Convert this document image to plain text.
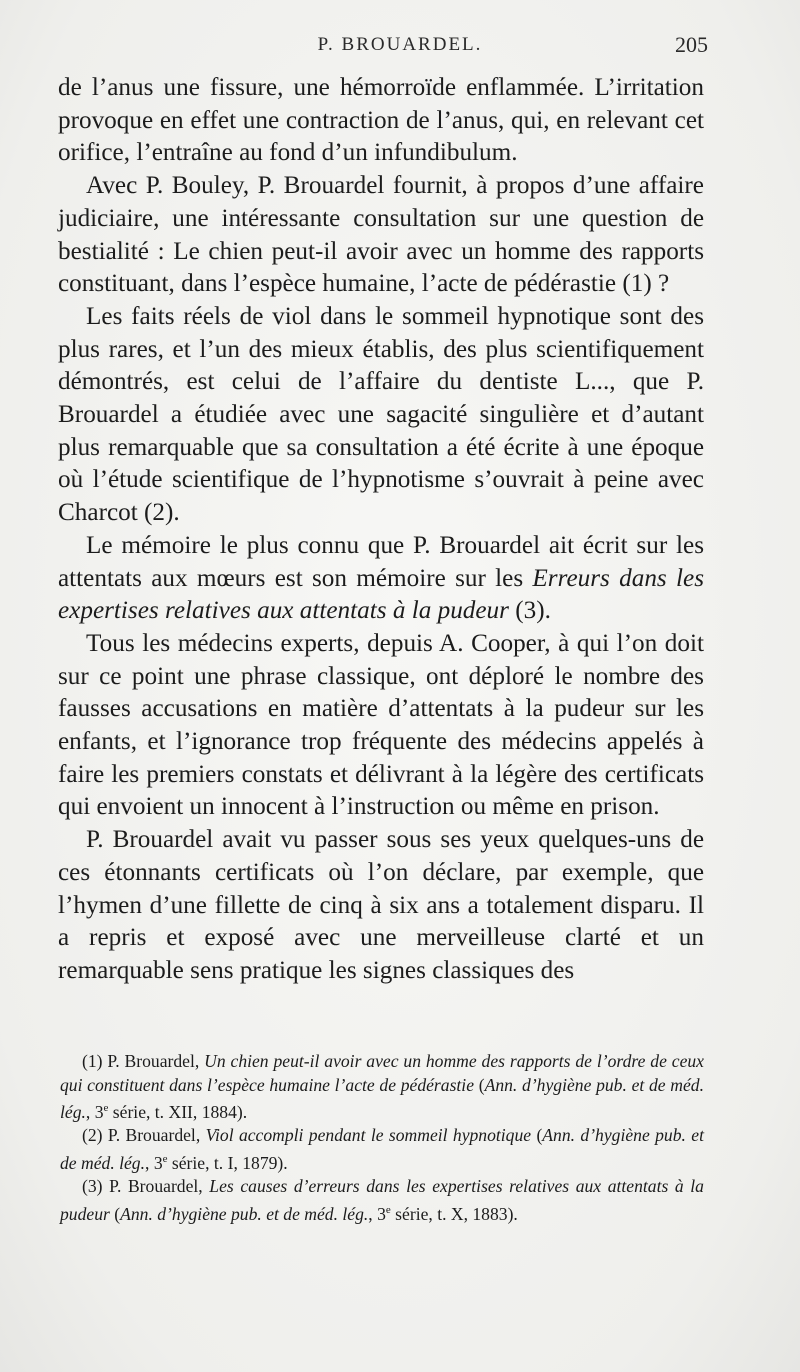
P. BROUARDEL.	205

de l’anus une fissure, une hémorroïde enflammée. L’irritation provoque en effet une contraction de l’anus, qui, en relevant cet orifice, l’entraîne au fond d’un infundibulum.

Avec P. Bouley, P. Brouardel fournit, à propos d’une affaire judiciaire, une intéressante consultation sur une question de bestialité : Le chien peut-il avoir avec un homme des rapports constituant, dans l’espèce humaine, l’acte de pédérastie (1) ?

Les faits réels de viol dans le sommeil hypnotique sont des plus rares, et l’un des mieux établis, des plus scientifiquement démontrés, est celui de l’affaire du dentiste L..., que P. Brouardel a étudiée avec une sagacité singulière et d’autant plus remarquable que sa consultation a été écrite à une époque où l’étude scientifique de l’hypnotisme s’ouvrait à peine avec Charcot (2).

Le mémoire le plus connu que P. Brouardel ait écrit sur les attentats aux mœurs est son mémoire sur les Erreurs dans les expertises relatives aux attentats à la pudeur (3).

Tous les médecins experts, depuis A. Cooper, à qui l’on doit sur ce point une phrase classique, ont déploré le nombre des fausses accusations en matière d’attentats à la pudeur sur les enfants, et l’ignorance trop fréquente des médecins appelés à faire les premiers constats et délivrant à la légère des certificats qui envoient un innocent à l’instruction ou même en prison.

P. Brouardel avait vu passer sous ses yeux quelques-uns de ces étonnants certificats où l’on déclare, par exemple, que l’hymen d’une fillette de cinq à six ans a totalement disparu. Il a repris et exposé avec une merveilleuse clarté et un remarquable sens pratique les signes classiques des

(1) P. Brouardel, Un chien peut-il avoir avec un homme des rapports de l’ordre de ceux qui constituent dans l’espèce humaine l’acte de pédérastie (Ann. d’hygiène pub. et de méd. lég., 3e série, t. XII, 1884).

(2) P. Brouardel, Viol accompli pendant le sommeil hypnotique (Ann. d’hygiène pub. et de méd. lég., 3e série, t. I, 1879).

(3) P. Brouardel, Les causes d’erreurs dans les expertises relatives aux attentats à la pudeur (Ann. d’hygiène pub. et de méd. lég., 3e série, t. X, 1883).
